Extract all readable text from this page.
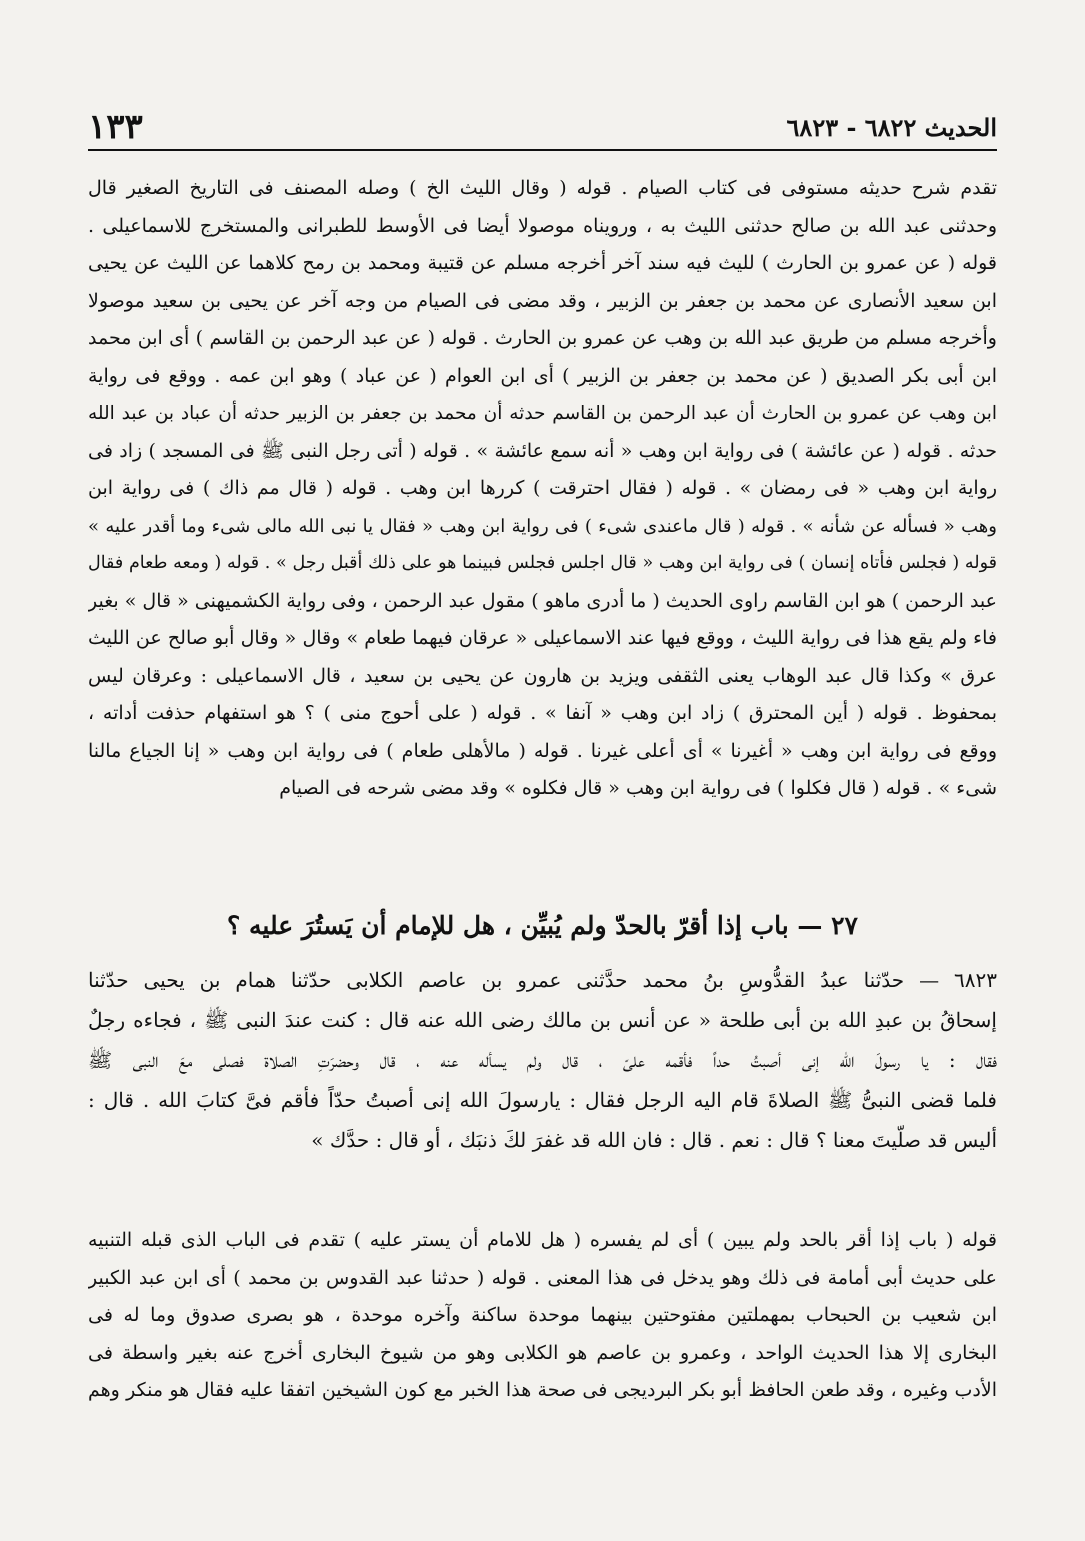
الحديث ٦٨٢٢ - ٦٨٢٣
١٣٣
تقدم شرح حديثه مستوفى فى كتاب الصيام . قوله ( وقال الليث الخ ) وصله المصنف فى التاريخ الصغير قال
وحدثنى عبد الله بن صالح حدثنى الليث به ، ورويناه موصولا أيضا فى الأوسط للطبرانى والمستخرج للاسماعيلى .
قوله ( عن عمرو بن الحارث ) لليث فيه سند آخر أخرجه مسلم عن قتيبة ومحمد بن رمح كلاهما عن الليث عن يحيى
ابن سعيد الأنصارى عن محمد بن جعفر بن الزبير ، وقد مضى فى الصيام من وجه آخر عن يحيى بن سعيد موصولا
وأخرجه مسلم من طريق عبد الله بن وهب عن عمرو بن الحارث . قوله ( عن عبد الرحمن بن القاسم ) أى ابن محمد
ابن أبى بكر الصديق ( عن محمد بن جعفر بن الزبير ) أى ابن العوام ( عن عباد ) وهو ابن عمه . ووقع فى رواية
ابن وهب عن عمرو بن الحارث أن عبد الرحمن بن القاسم حدثه أن محمد بن جعفر بن الزبير حدثه أن عباد بن عبد الله
حدثه . قوله ( عن عائشة ) فى رواية ابن وهب « أنه سمع عائشة » . قوله ( أتى رجل النبى ﷺ فى المسجد ) زاد فى
رواية ابن وهب « فى رمضان » . قوله ( فقال احترقت ) كررها ابن وهب . قوله ( قال مم ذاك ) فى رواية ابن
وهب « فسأله عن شأنه » . قوله ( قال ماعندى شىء ) فى رواية ابن وهب « فقال يا نبى الله مالى شىء وما أقدر عليه »
قوله ( فجلس فأتاه إنسان ) فى رواية ابن وهب « قال اجلس فجلس فبينما هو على ذلك أقبل رجل » . قوله ( ومعه طعام فقال
عبد الرحمن ) هو ابن القاسم راوى الحديث ( ما أدرى ماهو ) مقول عبد الرحمن ، وفى رواية الكشميهنى « قال » بغير
فاء ولم يقع هذا فى رواية الليث ، ووقع فيها عند الاسماعيلى « عرقان فيهما طعام » وقال « وقال أبو صالح عن الليث
عرق » وكذا قال عبد الوهاب يعنى الثقفى ويزيد بن هارون عن يحيى بن سعيد ، قال الاسماعيلى : وعرقان ليس
بمحفوظ . قوله ( أين المحترق ) زاد ابن وهب « آنفا » . قوله ( على أحوج منى ) ؟ هو استفهام حذفت أداته ،
ووقع فى رواية ابن وهب « أغيرنا » أى أعلى غيرنا . قوله ( مالأهلى طعام ) فى رواية ابن وهب « إنا الجياع مالنا
شىء » . قوله ( قال فكلوا ) فى رواية ابن وهب « قال فكلوه » وقد مضى شرحه فى الصيام
٢٧ — باب إذا أقرّ بالحدّ ولم يُبيِّن ، هل للإمام أن يَستُرَ عليه ؟
٦٨٢٣ — حدّثنا عبدُ القدُّوسِ بنُ محمد حدَّثنى عمرو بن عاصم الكلابى حدّثنا همام بن يحيى حدّثنا
إسحاقُ بن عبدِ الله بن أبى طلحة « عن أنس بن مالك رضى الله عنه قال : كنت عندَ النبى ﷺ ، فجاءه رجلٌ
فقال : يا رسولَ الله إنى أصبتُ حداً فأقمه علىّ ، قال ولم يسأله عنه ، قال وحضرَتِ الصلاة فصلى معَ النبى ﷺ
فلما قضى النبىُّ ﷺ الصلاةَ قام اليه الرجل فقال : يارسولَ الله إنى أصبتُ حدّاً فأقم فىَّ كتابَ الله . قال :
أليس قد صلّيتَ معنا ؟ قال : نعم . قال : فان الله قد غفرَ لكَ ذنبَك ، أو قال : حدَّك »
قوله ( باب إذا أقر بالحد ولم يبين ) أى لم يفسره ( هل للامام أن يستر عليه ) تقدم فى الباب الذى قبله التنبيه
على حديث أبى أمامة فى ذلك وهو يدخل فى هذا المعنى . قوله ( حدثنا عبد القدوس بن محمد ) أى ابن عبد الكبير
ابن شعيب بن الحبحاب بمهملتين مفتوحتين بينهما موحدة ساكنة وآخره موحدة ، هو بصرى صدوق وما له فى
البخارى إلا هذا الحديث الواحد ، وعمرو بن عاصم هو الكلابى وهو من شيوخ البخارى أخرج عنه بغير واسطة فى
الأدب وغيره ، وقد طعن الحافظ أبو بكر البرديجى فى صحة هذا الخبر مع كون الشيخين اتفقا عليه فقال هو منكر وهم
